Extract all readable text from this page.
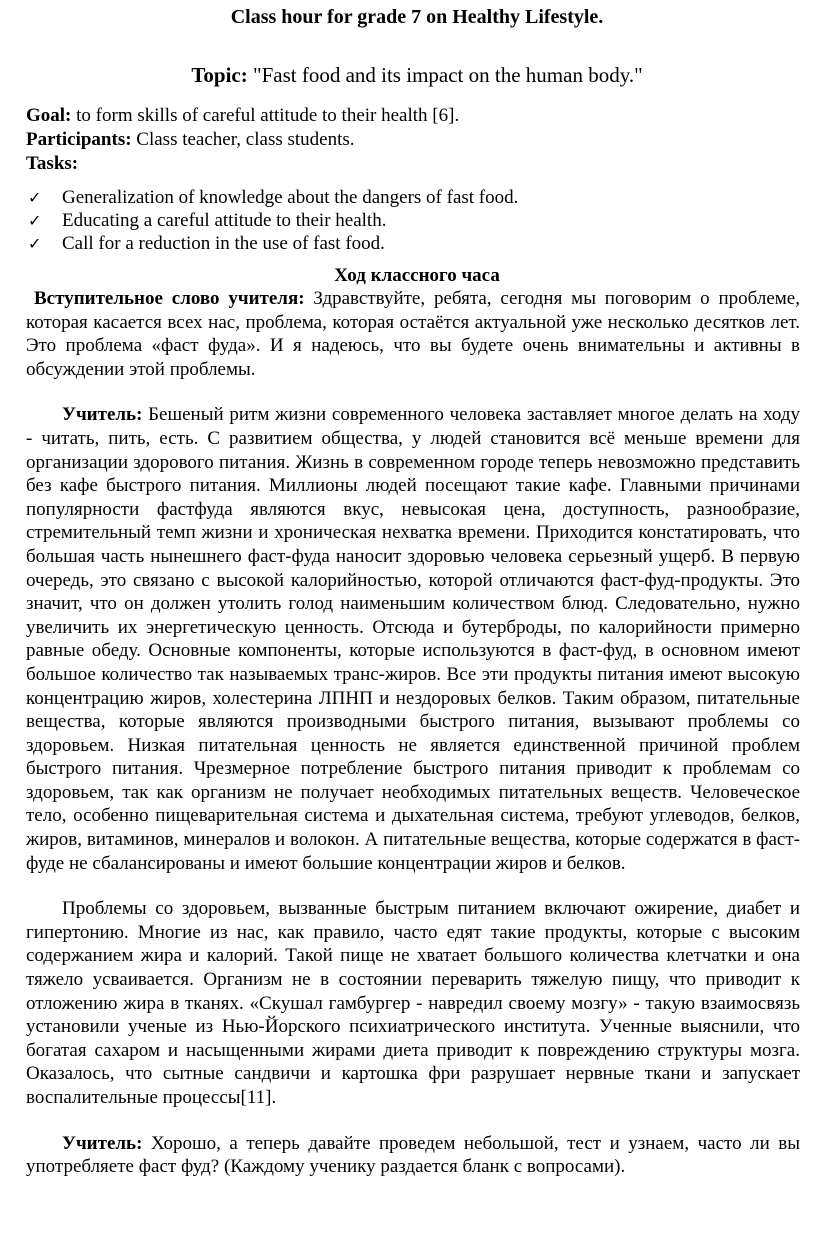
Class hour for grade 7 on Healthy Lifestyle.
Topic: "Fast food and its impact on the human body."

Goal: to form skills of careful attitude to their health [6].

Participants: Class teacher, class students.

Tasks:

✓ Generalization of knowledge about the dangers of fast food.
✓ Educating a careful attitude to their health.
✓ Call for a reduction in the use of fast food.
Ход классного часа

Вступительное слово учителя: Здравствуйте, ребята, сегодня мы поговорим о проблеме, которая касается всех нас, проблема, которая остаётся актуальной уже несколько десятков лет. Это проблема «фаст фуда». И я надеюсь, что вы будете очень внимательны и активны в обсуждении этой проблемы.

Учитель: Бешеный ритм жизни современного человека заставляет многое делать на ходу - читать, пить, есть. С развитием общества, у людей становится всё меньше времени для организации здорового питания. Жизнь в современном городе теперь невозможно представить без кафе быстрого питания. Миллионы людей посещают такие кафе. Главными причинами популярности фастфуда являются вкус, невысокая цена, доступность, разнообразие, стремительный темп жизни и хроническая нехватка времени. Приходится констатировать, что большая часть нынешнего фаст-фуда наносит здоровью человека серьезный ущерб. В первую очередь, это связано с высокой калорийностью, которой отличаются фаст-фуд-продукты. Это значит, что он должен утолить голод наименьшим количеством блюд. Следовательно, нужно увеличить их энергетическую ценность. Отсюда и бутерброды, по калорийности примерно равные обеду. Основные компоненты, которые используются в фаст-фуд, в основном имеют большое количество так называемых транс-жиров. Все эти продукты питания имеют высокую концентрацию жиров, холестерина ЛПНП и нездоровых белков. Таким образом, питательные вещества, которые являются производными быстрого питания, вызывают проблемы со здоровьем. Низкая питательная ценность не является единственной причиной проблем быстрого питания. Чрезмерное потребление быстрого питания приводит к проблемам со здоровьем, так как организм не получает необходимых питательных веществ. Человеческое тело, особенно пищеварительная система и дыхательная система, требуют углеводов, белков, жиров, витаминов, минералов и волокон. А питательные вещества, которые содержатся в фаст-фуде не сбалансированы и имеют большие концентрации жиров и белков.

Проблемы со здоровьем, вызванные быстрым питанием включают ожирение, диабет и гипертонию. Многие из нас, как правило, часто едят такие продукты, которые с высоким содержанием жира и калорий. Такой пище не хватает большого количества клетчатки и она тяжело усваивается. Организм не в состоянии переварить тяжелую пищу, что приводит к отложению жира в тканях. «Скушал гамбургер - навредил своему мозгу» - такую взаимосвязь установили ученые из Нью-Йорского психиатрического института. Ученные выяснили, что богатая сахаром и насыщенными жирами диета приводит к повреждению структуры мозга. Оказалось, что сытные сандвичи и картошка фри разрушает нервные ткани и запускает воспалительные процессы[11].

Учитель: Хорошо, а теперь давайте проведем небольшой, тест и узнаем, часто ли вы употребляете фаст фуд? (Каждому ученику раздается бланк с вопросами).
